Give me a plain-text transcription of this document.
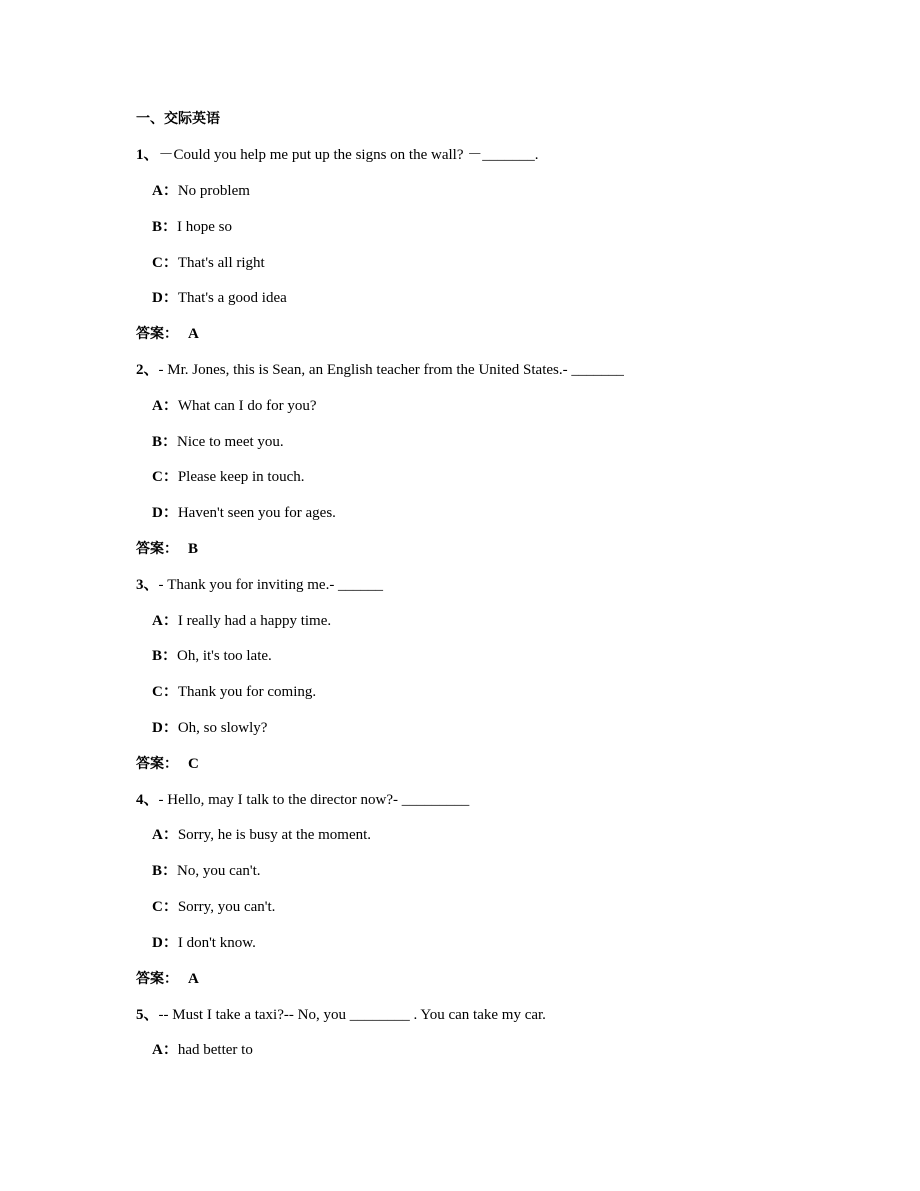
一、交际英语
1、－Could you help me put up the signs on the wall? －_______.
A：No problem
B：I hope so
C：That's all right
D：That's a good idea
答案： A
2、- Mr. Jones, this is Sean, an English teacher from the United States.- _______
A：What can I do for you?
B：Nice to meet you.
C：Please keep in touch.
D：Haven't seen you for ages.
答案： B
3、- Thank you for inviting me.- ______
A：I really had a happy time.
B：Oh, it's too late.
C：Thank you for coming.
D：Oh, so slowly?
答案： C
4、- Hello, may I talk to the director now?- _________
A：Sorry, he is busy at the moment.
B：No, you can't.
C：Sorry, you can't.
D：I don't know.
答案： A
5、-- Must I take a taxi?-- No, you ________ . You can take my car.
A：had better to
